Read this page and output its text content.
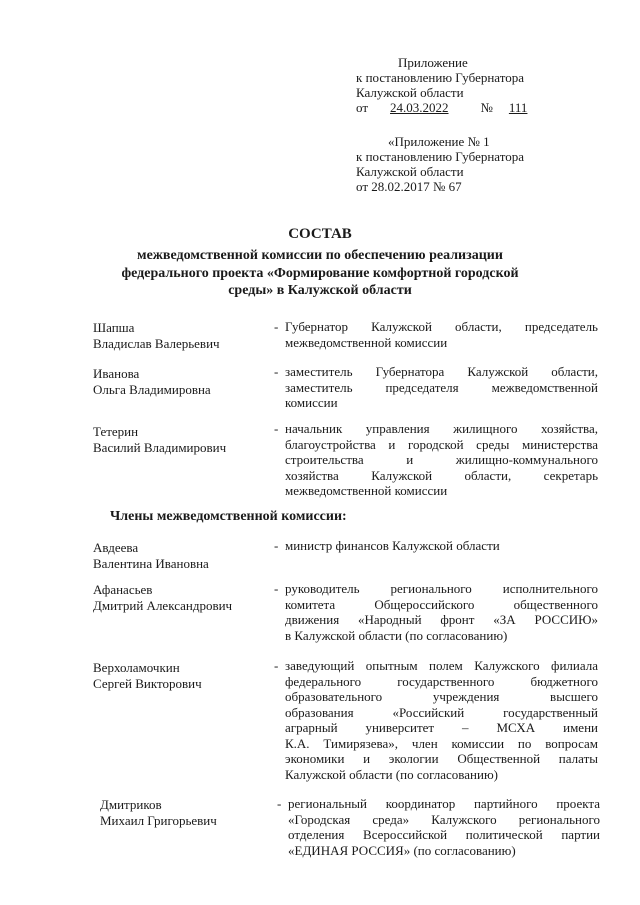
Приложение
к постановлению Губернатора
Калужской области
от 24.03.2022 № 111
«Приложение № 1
к постановлению Губернатора
Калужской области
от 28.02.2017 № 67
СОСТАВ
межведомственной комиссии по обеспечению реализации
федерального проекта «Формирование комфортной городской
среды» в Калужской области
Шапша
Владислав Валерьевич
- Губернатор Калужской области, председатель
межведомственной комиссии
Иванова
Ольга Владимировна
- заместитель Губернатора Калужской области,
заместитель председателя межведомственной
комиссии
Тетерин
Василий Владимирович
- начальник управления жилищного хозяйства,
благоустройства и городской среды министерства
строительства и жилищно-коммунального
хозяйства Калужской области, секретарь
межведомственной комиссии
Члены межведомственной комиссии:
Авдеева
Валентина Ивановна
- министр финансов Калужской области
Афанасьев
Дмитрий Александрович
- руководитель регионального исполнительного
комитета Общероссийского общественного
движения «Народный фронт «ЗА РОССИЮ»
в Калужской области (по согласованию)
Верхоламочкин
Сергей Викторович
- заведующий опытным полем Калужского филиала
федерального государственного бюджетного
образовательного учреждения высшего
образования «Российский государственный
аграрный университет – МСХА имени
К.А. Тимирязева», член комиссии по вопросам
экономики и экологии Общественной палаты
Калужской области (по согласованию)
Дмитриков
Михаил Григорьевич
- региональный координатор партийного проекта
«Городская среда» Калужского регионального
отделения Всероссийской политической партии
«ЕДИНАЯ РОССИЯ» (по согласованию)
